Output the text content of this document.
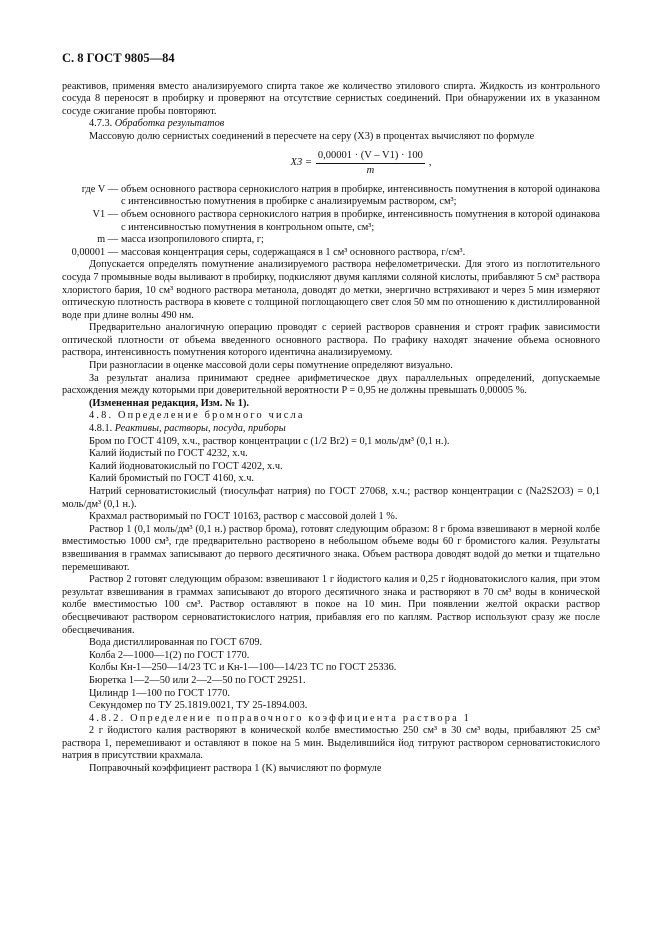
С. 8 ГОСТ 9805—84

реактивов, применяя вместо анализируемого спирта такое же количество этилового спирта. Жидкость из контрольного сосуда 8 переносят в пробирку и проверяют на отсутствие сернистых соединений. При обнаружении их в указанном сосуде сжигание пробы повторяют.

4.7.3. Обработка результатов

Массовую долю сернистых соединений в пересчете на серу (X3) в процентах вычисляют по формуле

$X3 = \frac{0,00001 \cdot (V - V1) \cdot 100}{m}$ ,
где V — объем основного раствора сернокислого натрия в пробирке, интенсивность помутнения в которой одинакова с интенсивностью помутнения в пробирке с анализируемым раствором, см³;
V1 — объем основного раствора сернокислого натрия в пробирке, интенсивность помутнения в которой одинакова с интенсивностью помутнения в контрольном опыте, см³;
m — масса изопропилового спирта, г;
0,00001 — массовая концентрация серы, содержащаяся в 1 см³ основного раствора, г/см³.

Допускается определять помутнение анализируемого раствора нефелометрически. Для этого из поглотительного сосуда 7 промывные воды выливают в пробирку, подкисляют двумя каплями соляной кислоты, прибавляют 5 см³ раствора хлористого бария, 10 см³ водного раствора метанола, доводят до метки, энергично встряхивают и через 5 мин измеряют оптическую плотность раствора в кювете с толщиной поглощающего свет слоя 50 мм по отношению к дистиллированной воде при длине волны 490 нм.

Предварительно аналогичную операцию проводят с серией растворов сравнения и строят график зависимости оптической плотности от объема введенного основного раствора. По графику находят значение объема основного раствора, интенсивность помутнения которого идентична анализируемому.

При разногласии в оценке массовой доли серы помутнение определяют визуально.

За результат анализа принимают среднее арифметическое двух параллельных определений, допускаемые расхождения между которыми при доверительной вероятности P = 0,95 не должны превышать 0,00005 %.

(Измененная редакция, Изм. № 1).

4.8. Определение бромного числа

4.8.1. Реактивы, растворы, посуда, приборы

Бром по ГОСТ 4109, х.ч., раствор концентрации c (1/2 Br2) = 0,1 моль/дм³ (0,1 н.).

Калий йодистый по ГОСТ 4232, х.ч.

Калий йодноватокислый по ГОСТ 4202, х.ч.

Калий бромистый по ГОСТ 4160, х.ч.

Натрий серноватистокислый (тиосульфат натрия) по ГОСТ 27068, х.ч.; раствор концентрации c (Na2S2O3) = 0,1 моль/дм³ (0,1 н.).

Крахмал растворимый по ГОСТ 10163, раствор с массовой долей 1 %.

Раствор 1 (0,1 моль/дм³ (0,1 н.) раствор брома), готовят следующим образом: 8 г брома взвешивают в мерной колбе вместимостью 1000 см³, где предварительно растворено в небольшом объеме воды 60 г бромистого калия. Результаты взвешивания в граммах записывают до первого десятичного знака. Объем раствора доводят водой до метки и тщательно перемешивают.

Раствор 2 готовят следующим образом: взвешивают 1 г йодистого калия и 0,25 г йодноватокислого калия, при этом результат взвешивания в граммах записывают до второго десятичного знака и растворяют в 70 см³ воды в конической колбе вместимостью 100 см³. Раствор оставляют в покое на 10 мин. При появлении желтой окраски раствор обесцвечивают раствором серноватистокислого натрия, прибавляя его по каплям. Раствор используют сразу же после обесцвечивания.

Вода дистиллированная по ГОСТ 6709.

Колба 2—1000—1(2) по ГОСТ 1770.

Колбы Кн-1—250—14/23 ТС и Кн-1—100—14/23 ТС по ГОСТ 25336.

Бюретка 1—2—50 или 2—2—50 по ГОСТ 29251.

Цилиндр 1—100 по ГОСТ 1770.

Секундомер по ТУ 25.1819.0021, ТУ 25-1894.003.

4.8.2. Определение поправочного коэффициента раствора 1

2 г йодистого калия растворяют в конической колбе вместимостью 250 см³ в 30 см³ воды, прибавляют 25 см³ раствора 1, перемешивают и оставляют в покое на 5 мин. Выделившийся йод титруют раствором серноватистокислого натрия в присутствии крахмала.

Поправочный коэффициент раствора 1 (K) вычисляют по формуле
